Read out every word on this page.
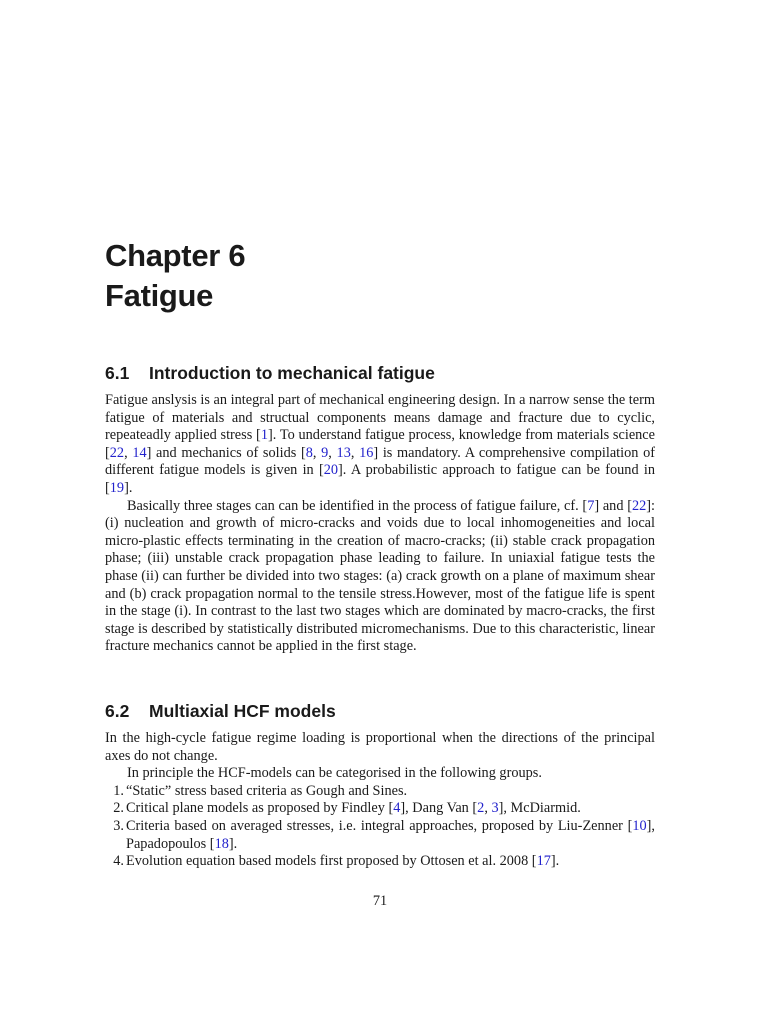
Chapter 6
Fatigue
6.1 Introduction to mechanical fatigue

Fatigue anslysis is an integral part of mechanical engineering design. In a narrow sense the term fatigue of materials and structual components means damage and fracture due to cyclic, repeateadly applied stress [1]. To understand fatigue process, knowledge from materials science [22, 14] and mechanics of solids [8, 9, 13, 16] is mandatory. A comprehensive compilation of different fatigue models is given in [20]. A probabilistic approach to fatigue can be found in [19].

Basically three stages can can be identified in the process of fatigue failure, cf. [7] and [22]: (i) nucleation and growth of micro-cracks and voids due to local inhomogeneities and local micro-plastic effects terminating in the creation of macro-cracks; (ii) stable crack propagation phase; (iii) unstable crack propagation phase leading to failure. In uniaxial fatigue tests the phase (ii) can further be divided into two stages: (a) crack growth on a plane of maximum shear and (b) crack propagation normal to the tensile stress.However, most of the fatigue life is spent in the stage (i). In contrast to the last two stages which are dominated by macro-cracks, the first stage is described by statistically distributed micromechanisms. Due to this characteristic, linear fracture mechanics cannot be applied in the first stage.

6.2 Multiaxial HCF models

In the high-cycle fatigue regime loading is proportional when the directions of the principal axes do not change.

In principle the HCF-models can be categorised in the following groups.

1. “Static” stress based criteria as Gough and Sines.
2. Critical plane models as proposed by Findley [4], Dang Van [2, 3], McDiarmid.
3. Criteria based on averaged stresses, i.e. integral approaches, proposed by Liu-Zenner [10], Papadopoulos [18].
4. Evolution equation based models first proposed by Ottosen et al. 2008 [17].
71
